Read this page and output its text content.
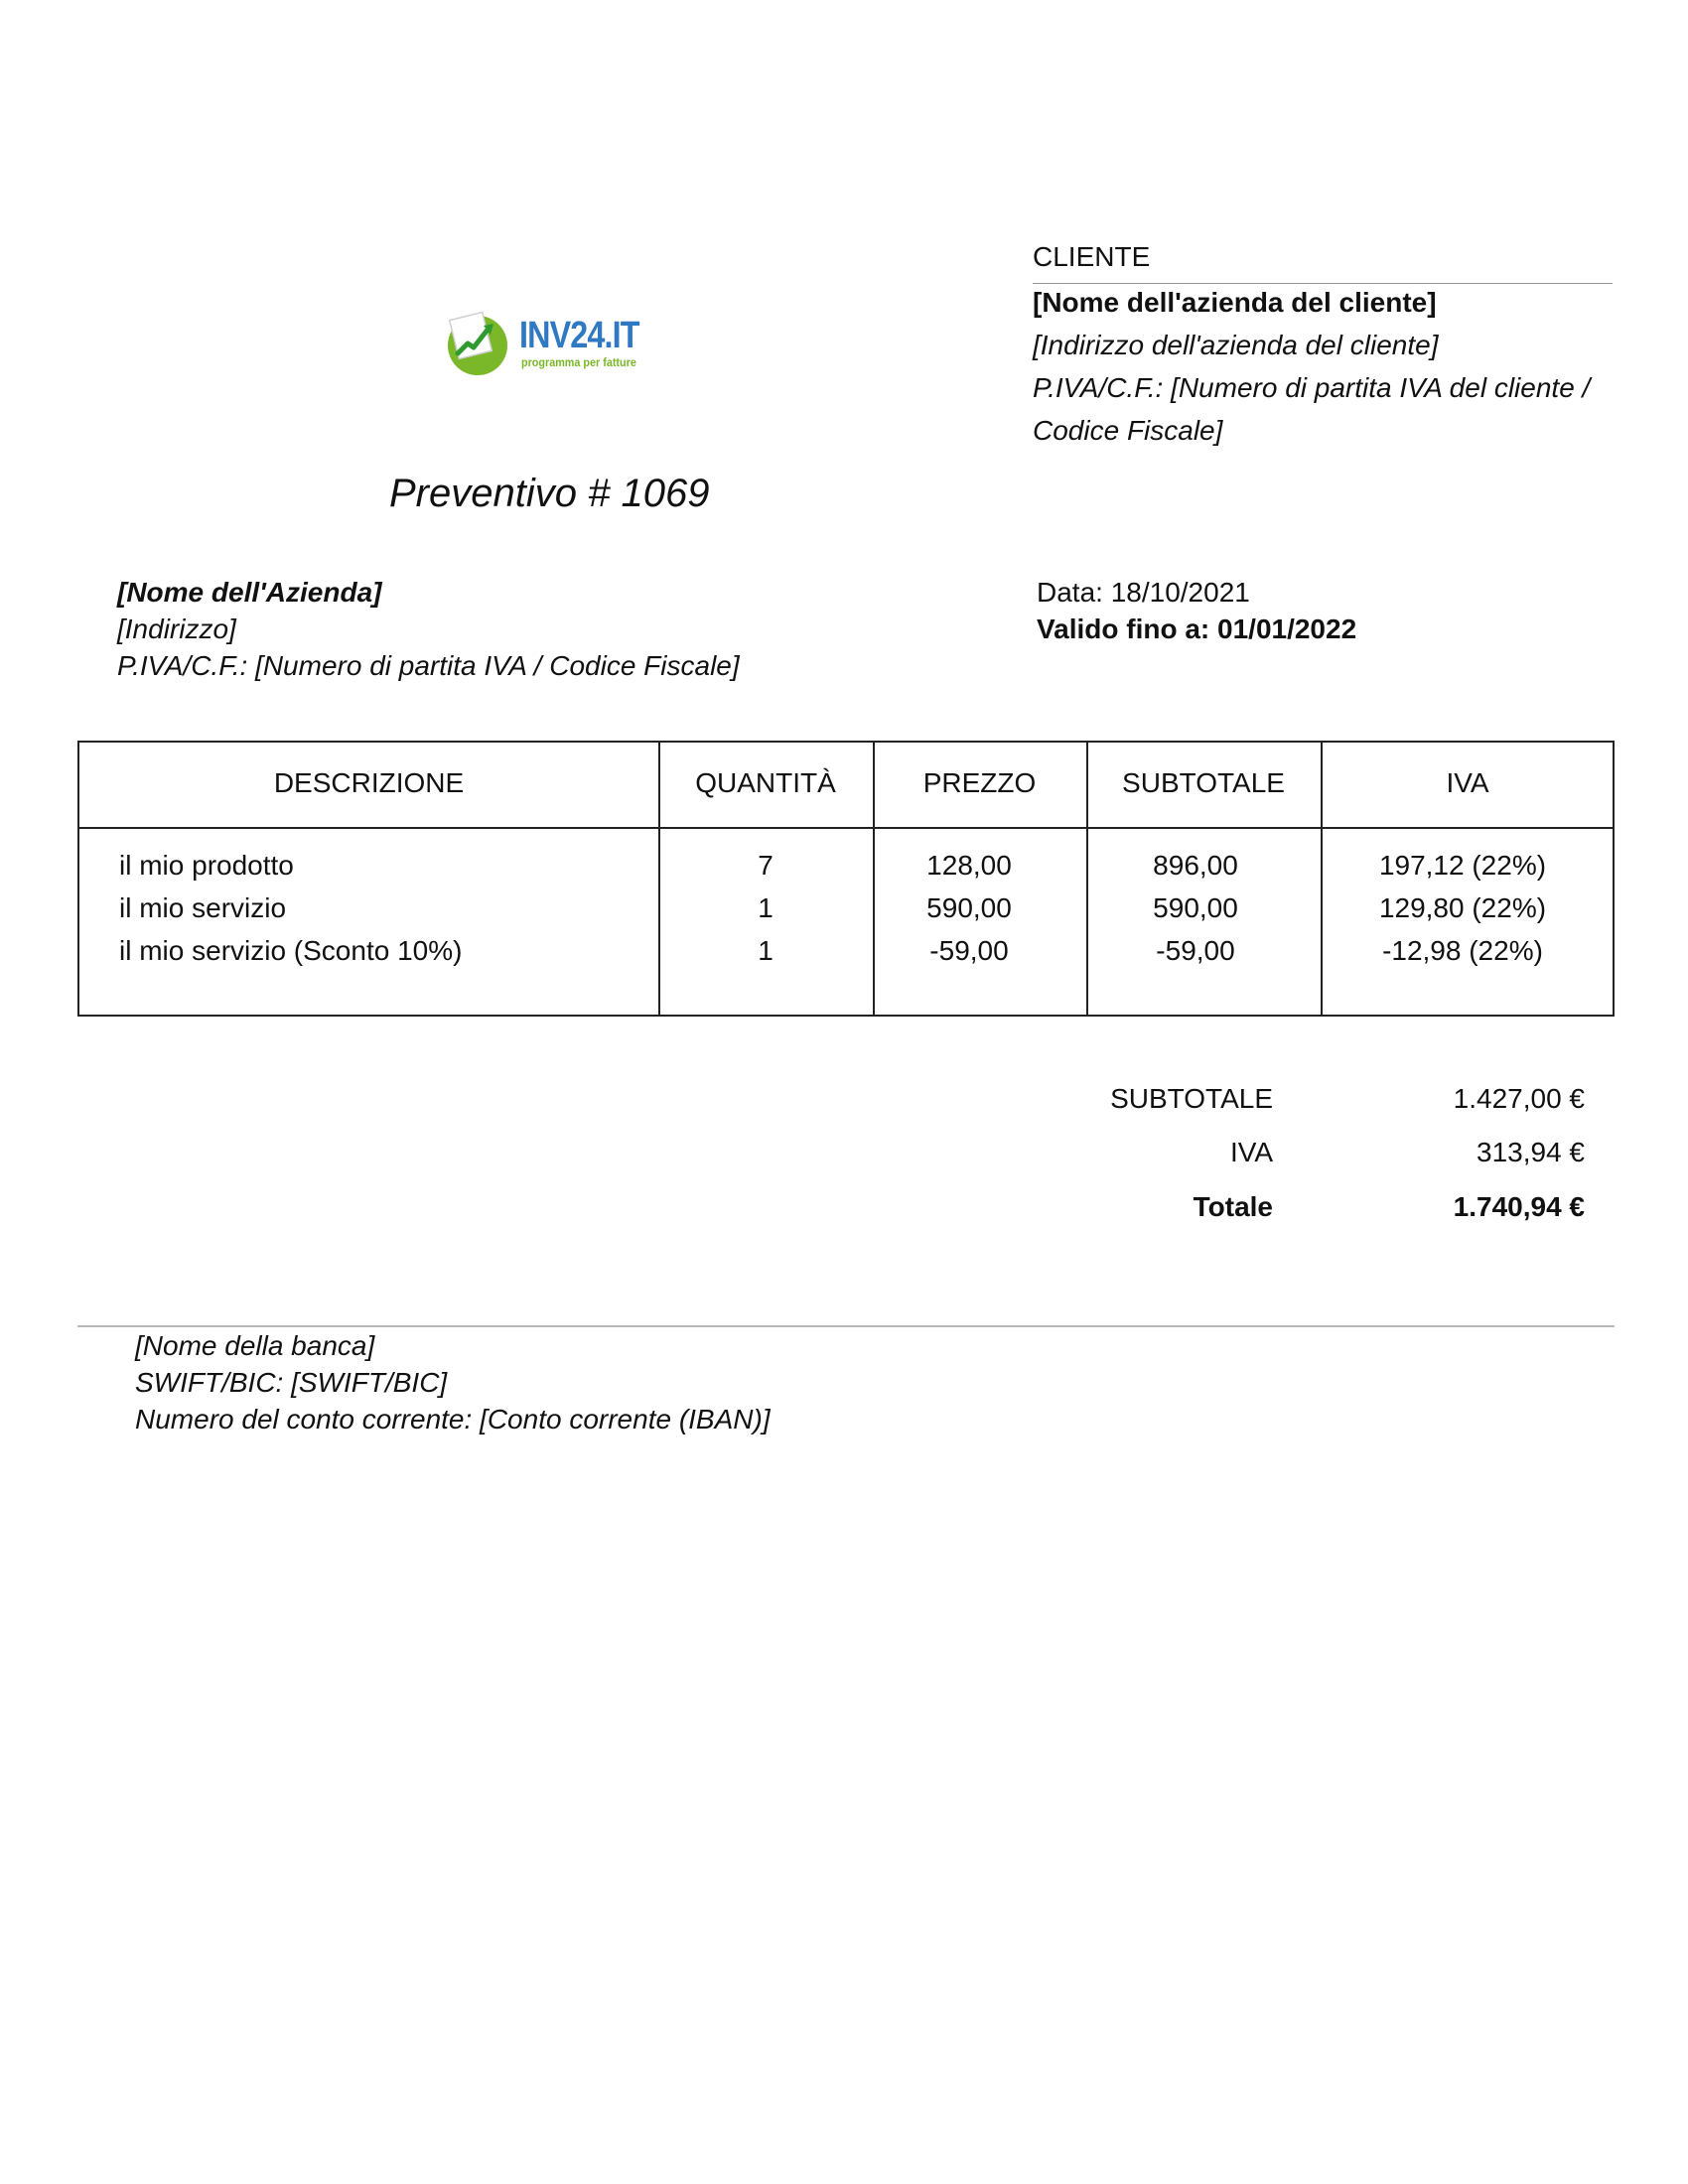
INV24.IT
programma per fatture
CLIENTE
[Nome dell'azienda del cliente]
[Indirizzo dell'azienda del cliente]
P.IVA/C.F.: [Numero di partita IVA del cliente /
Codice Fiscale]
Preventivo # 1069
[Nome dell'Azienda]
[Indirizzo]
P.IVA/C.F.: [Numero di partita IVA / Codice Fiscale]
Data: 18/10/2021
Valido fino a: 01/01/2022
DESCRIZIONE	QUANTITÀ	PREZZO	SUBTOTALE	IVA
il mio prodotto	7	128,00	896,00	197,12 (22%)
il mio servizio	1	590,00	590,00	129,80 (22%)
il mio servizio (Sconto 10%)	1	-59,00	-59,00	-12,98 (22%)
SUBTOTALE	1.427,00 €
IVA	313,94 €
Totale	1.740,94 €
[Nome della banca]
SWIFT/BIC: [SWIFT/BIC]
Numero del conto corrente: [Conto corrente (IBAN)]
